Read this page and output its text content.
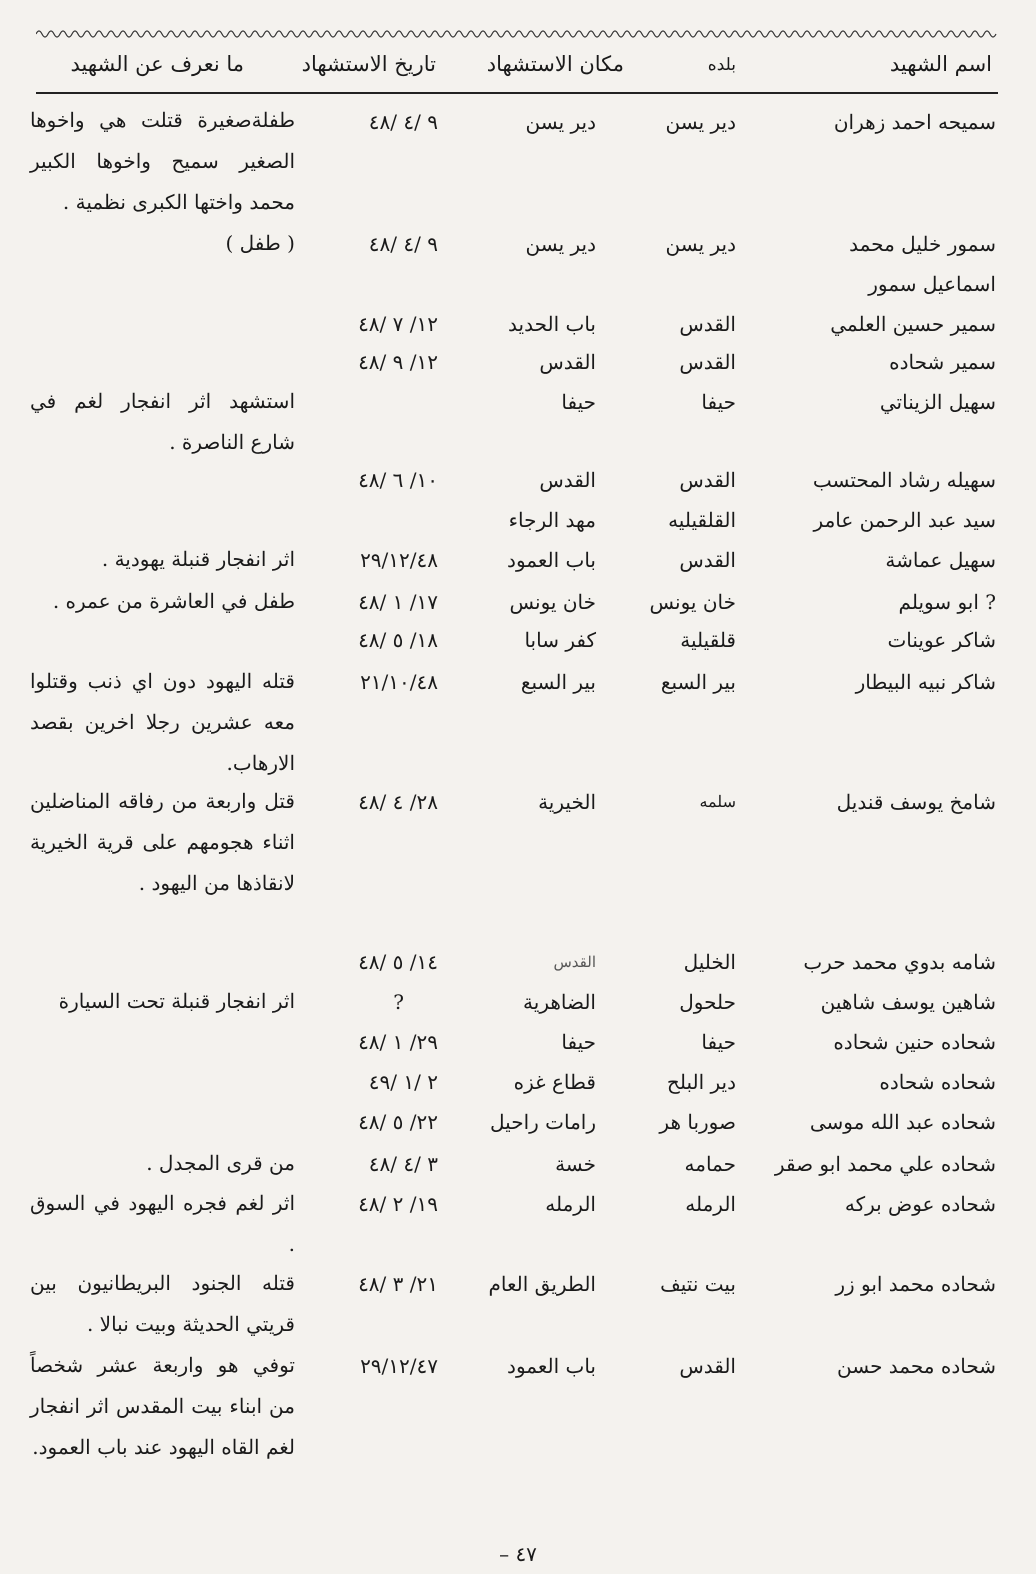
اسم الشهيد
بلده
مكان الاستشهاد
تاريخ الاستشهاد
ما نعرف عن الشهيد
سميحه احمد زهران
دير يسن
دير يسن
٩ /٤ /٤٨
طفلةصغيرة قتلت هي واخوها الصغير سميح واخوها الكبير محمد واختها الكبرى نظمية .
سمور خليل محمد
دير يسن
دير يسن
٩ /٤ /٤٨
( طفل )
اسماعيل سمور
سمير حسين العلمي
القدس
باب الحديد
١٢/ ٧ /٤٨
سمير شحاده
القدس
القدس
١٢/ ٩ /٤٨
سهيل الزيناتي
حيفا
حيفا
استشهد اثر انفجار لغم في شارع الناصرة .
سهيله رشاد المحتسب
القدس
القدس
١٠/ ٦ /٤٨
سيد عبد الرحمن عامر
القلقيليه
مهد الرجاء
سهيل عماشة
القدس
باب العمود
٢٩/١٢/٤٨
اثر انفجار قنبلة يهودية .
? ابو سويلم
خان يونس
خان يونس
١٧/ ١ /٤٨
طفل في العاشرة من عمره .
شاكر عوينات
قلقيلية
كفر سابا
١٨/ ٥ /٤٨
شاكر نبيه البيطار
بير السبع
بير السبع
٢١/١٠/٤٨
قتله اليهود دون اي ذنب وقتلوا معه عشرين رجلا اخرين بقصد الارهاب.
شامخ يوسف قنديل
سلمه
الخيرية
٢٨/ ٤ /٤٨
قتل واربعة من رفاقه المناضلين اثناء هجومهم على قرية الخيرية لانقاذها من اليهود .
شامه بدوي محمد حرب
الخليل
القدس
١٤/ ٥ /٤٨
شاهين يوسف شاهين
حلحول
الضاهرية
?
اثر انفجار قنبلة تحت السيارة
شحاده حنين شحاده
حيفا
حيفا
٢٩/ ١ /٤٨
شحاده شحاده
دير البلح
قطاع غزه
٢ /١ /٤٩
شحاده عبد الله موسى
صوربا هر
رامات راحيل
٢٢/ ٥ /٤٨
شحاده علي محمد ابو صقر
حمامه
خسة
٣ /٤ /٤٨
من قرى المجدل .
شحاده عوض بركه
الرمله
الرمله
١٩/ ٢ /٤٨
اثر لغم فجره اليهود في السوق .
شحاده محمد ابو زر
بيت نتيف
الطريق العام
٢١/ ٣ /٤٨
قتله الجنود البريطانيون بين قريتي الحديثة وبيت نبالا .
شحاده محمد حسن
القدس
باب العمود
٢٩/١٢/٤٧
توفي هو واربعة عشر شخصاً من ابناء بيت المقدس اثر انفجار لغم القاه اليهود عند باب العمود.
– ٤٧
